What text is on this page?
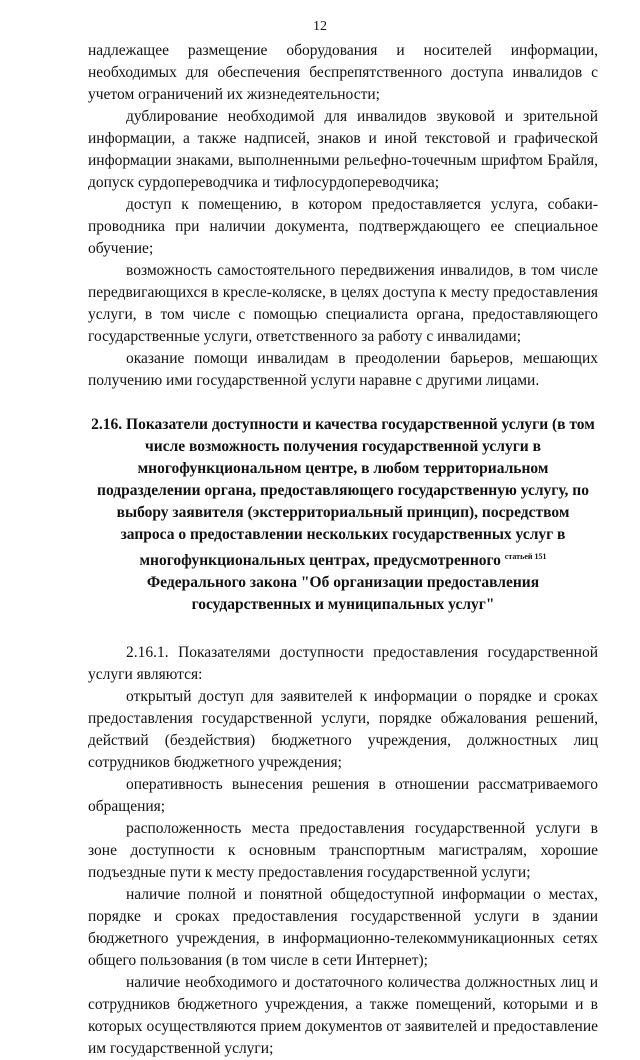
12

надлежащее размещение оборудования и носителей информации, необходимых для обеспечения беспрепятственного доступа инвалидов с учетом ограничений их жизнедеятельности;

дублирование необходимой для инвалидов звуковой и зрительной информации, а также надписей, знаков и иной текстовой и графической информации знаками, выполненными рельефно-точечным шрифтом Брайля, допуск сурдопереводчика и тифлосурдопереводчика;

доступ к помещению, в котором предоставляется услуга, собаки-проводника при наличии документа, подтверждающего ее специальное обучение;

возможность самостоятельного передвижения инвалидов, в том числе передвигающихся в кресле-коляске, в целях доступа к месту предоставления услуги, в том числе с помощью специалиста органа, предоставляющего государственные услуги, ответственного за работу с инвалидами;

оказание помощи инвалидам в преодолении барьеров, мешающих получению ими государственной услуги наравне с другими лицами.

2.16. Показатели доступности и качества государственной услуги (в том числе возможность получения государственной услуги в многофункциональном центре, в любом территориальном подразделении органа, предоставляющего государственную услугу, по выбору заявителя (экстерриториальный принцип), посредством запроса о предоставлении нескольких государственных услуг в многофункциональных центрах, предусмотренного $^{статьей 151}$ Федерального закона "Об организации предоставления государственных и муниципальных услуг"

2.16.1. Показателями доступности предоставления государственной услуги являются:

открытый доступ для заявителей к информации о порядке и сроках предоставления государственной услуги, порядке обжалования решений, действий (бездействия) бюджетного учреждения, должностных лиц сотрудников бюджетного учреждения;

оперативность вынесения решения в отношении рассматриваемого обращения;

расположенность места предоставления государственной услуги в зоне доступности к основным транспортным магистралям, хорошие подъездные пути к месту предоставления государственной услуги;

наличие полной и понятной общедоступной информации о местах, порядке и сроках предоставления государственной услуги в здании бюджетного учреждения, в информационно-телекоммуникационных сетях общего пользования (в том числе в сети Интернет);

наличие необходимого и достаточного количества должностных лиц и сотрудников бюджетного учреждения, а также помещений, которыми и в которых осуществляются прием документов от заявителей и предоставление им государственной услуги;
